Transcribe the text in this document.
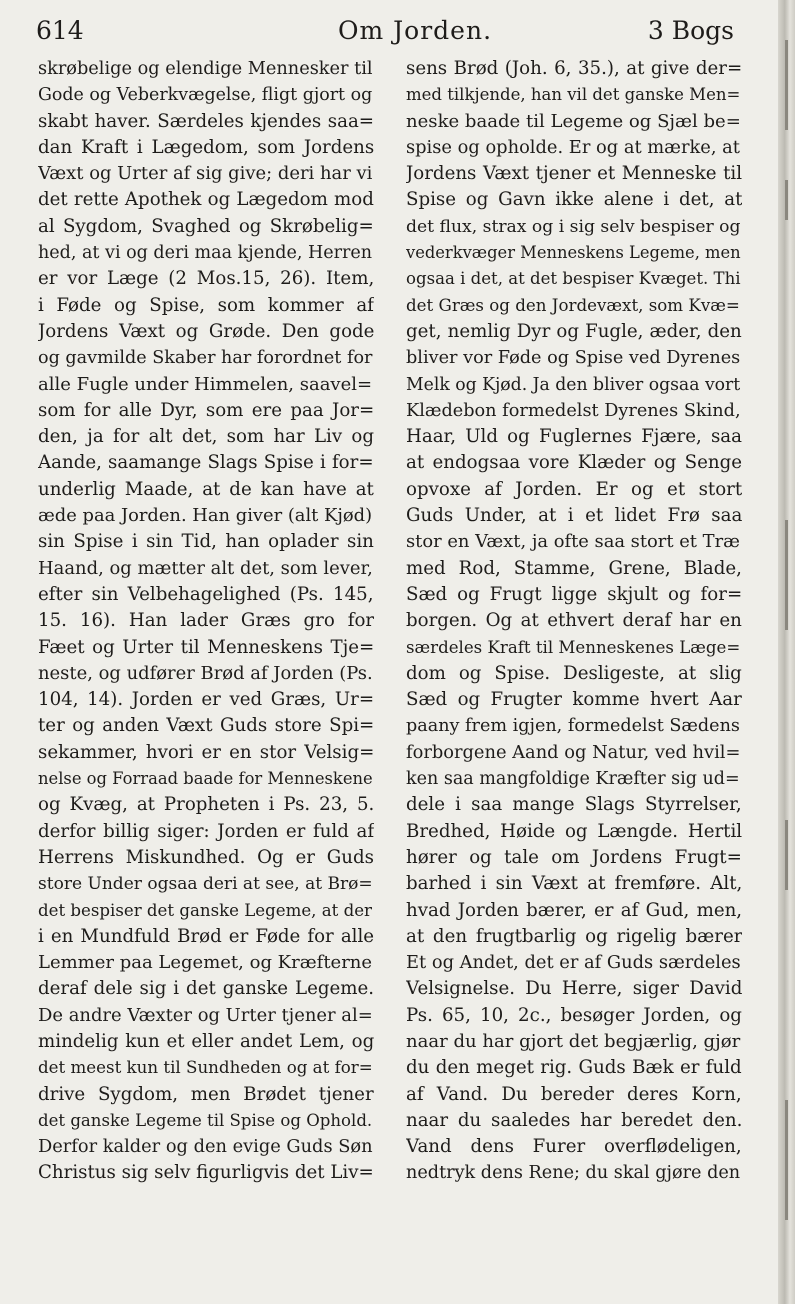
614	Om Jorden.	3 Bogs
skrøbelige og elendige Mennesker til
Gode og Veberkvægelse, fligt gjort og
skabt haver. Særdeles kjendes saa=
dan Kraft i Lægedom, som Jordens
Væxt og Urter af sig give; deri har vi
det rette Apothek og Lægedom mod
al Sygdom, Svaghed og Skrøbelig=
hed, at vi og deri maa kjende, Herren
er vor Læge (2 Mos.15, 26). Item,
i Føde og Spise, som kommer af
Jordens Væxt og Grøde. Den gode
og gavmilde Skaber har forordnet for
alle Fugle under Himmelen, saavel=
som for alle Dyr, som ere paa Jor=
den, ja for alt det, som har Liv og
Aande, saamange Slags Spise i for=
underlig Maade, at de kan have at
æde paa Jorden. Han giver (alt Kjød)
sin Spise i sin Tid, han oplader sin
Haand, og mætter alt det, som lever,
efter sin Velbehagelighed (Ps. 145,
15. 16). Han lader Græs gro for
Fæet og Urter til Menneskens Tje=
neste, og udfører Brød af Jorden (Ps.
104, 14). Jorden er ved Græs, Ur=
ter og anden Væxt Guds store Spi=
sekammer, hvori er en stor Velsig=
nelse og Forraad baade for Menneskene
og Kvæg, at Propheten i Ps. 23, 5.
derfor billig siger: Jorden er fuld af
Herrens Miskundhed. Og er Guds
store Under ogsaa deri at see, at Brø=
det bespiser det ganske Legeme, at der
i en Mundfuld Brød er Føde for alle
Lemmer paa Legemet, og Kræfterne
deraf dele sig i det ganske Legeme.
De andre Væxter og Urter tjener al=
mindelig kun et eller andet Lem, og
det meest kun til Sundheden og at for=
drive Sygdom, men Brødet tjener
det ganske Legeme til Spise og Ophold.
Derfor kalder og den evige Guds Søn
Christus sig selv figurligvis det Liv=
sens Brød (Joh. 6, 35.), at give der=
med tilkjende, han vil det ganske Men=
neske baade til Legeme og Sjæl be=
spise og opholde. Er og at mærke, at
Jordens Væxt tjener et Menneske til
Spise og Gavn ikke alene i det, at
det flux, strax og i sig selv bespiser og
vederkvæger Menneskens Legeme, men
ogsaa i det, at det bespiser Kvæget. Thi
det Græs og den Jordevæxt, som Kvæ=
get, nemlig Dyr og Fugle, æder, den
bliver vor Føde og Spise ved Dyrenes
Melk og Kjød. Ja den bliver ogsaa vort
Klædebon formedelst Dyrenes Skind,
Haar, Uld og Fuglernes Fjære, saa
at endogsaa vore Klæder og Senge
opvoxe af Jorden. Er og et stort
Guds Under, at i et lidet Frø saa
stor en Væxt, ja ofte saa stort et Træ
med Rod, Stamme, Grene, Blade,
Sæd og Frugt ligge skjult og for=
borgen. Og at ethvert deraf har en
særdeles Kraft til Menneskenes Læge=
dom og Spise. Desligeste, at slig
Sæd og Frugter komme hvert Aar
paany frem igjen, formedelst Sædens
forborgene Aand og Natur, ved hvil=
ken saa mangfoldige Kræfter sig ud=
dele i saa mange Slags Styrrelser,
Bredhed, Høide og Længde. Hertil
hører og tale om Jordens Frugt=
barhed i sin Væxt at fremføre. Alt,
hvad Jorden bærer, er af Gud, men,
at den frugtbarlig og rigelig bærer
Et og Andet, det er af Guds særdeles
Velsignelse. Du Herre, siger David
Ps. 65, 10, 2c., besøger Jorden, og
naar du har gjort det begjærlig, gjør
du den meget rig. Guds Bæk er fuld
af Vand. Du bereder deres Korn,
naar du saaledes har beredet den.
Vand dens Furer overflødeligen,
nedtryk dens Rene; du skal gjøre den
